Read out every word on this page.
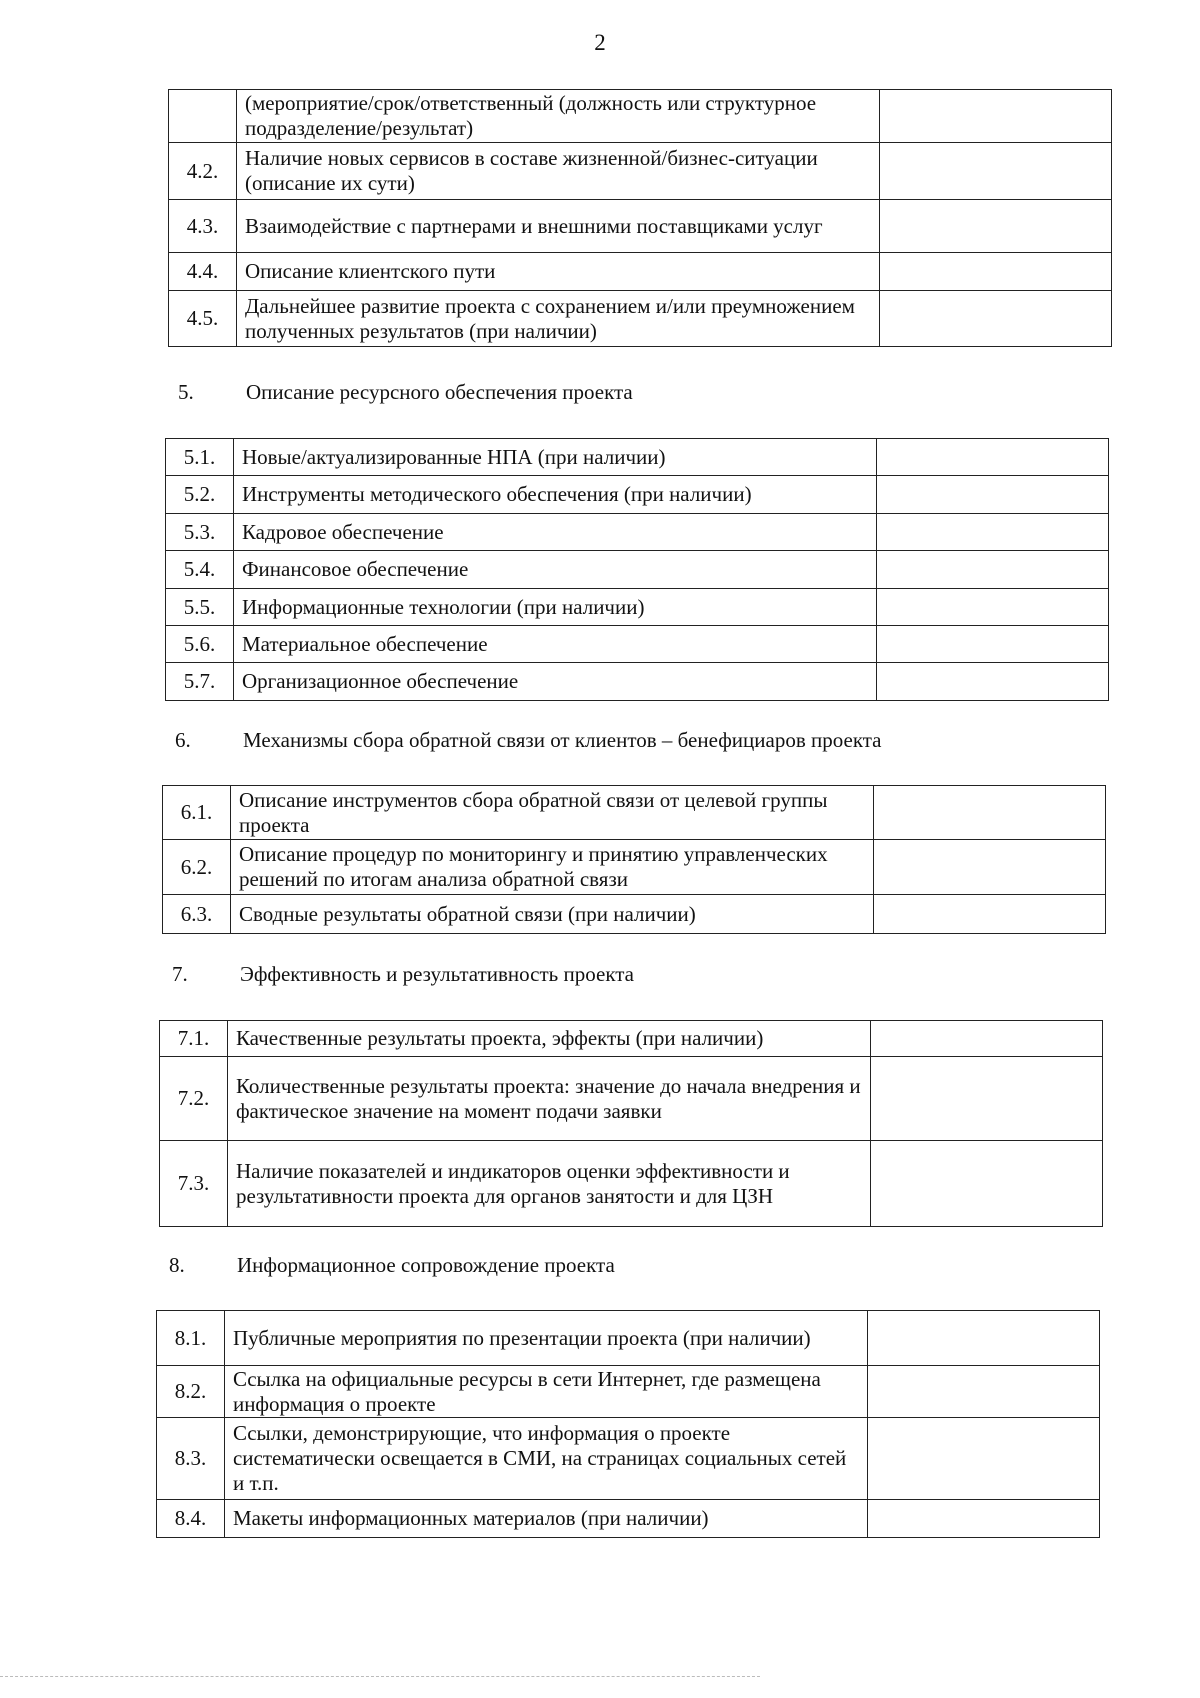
2
	(мероприятие/срок/ответственный (должность или структурное подразделение/результат)	
4.2.	Наличие новых сервисов в составе жизненной/бизнес-ситуации (описание их сути)	
4.3.	Взаимодействие с партнерами и внешними поставщиками услуг	
4.4.	Описание клиентского пути	
4.5.	Дальнейшее развитие проекта с сохранением и/или преумножением полученных результатов (при наличии)	
5. Описание ресурсного обеспечения проекта
5.1.	Новые/актуализированные НПА (при наличии)	
5.2.	Инструменты методического обеспечения (при наличии)	
5.3.	Кадровое обеспечение	
5.4.	Финансовое обеспечение	
5.5.	Информационные технологии (при наличии)	
5.6.	Материальное обеспечение	
5.7.	Организационное обеспечение	
6. Механизмы сбора обратной связи от клиентов – бенефициаров проекта
6.1.	Описание инструментов сбора обратной связи от целевой группы проекта	
6.2.	Описание процедур по мониторингу и принятию управленческих решений по итогам анализа обратной связи	
6.3.	Сводные результаты обратной связи (при наличии)	
7. Эффективность и результативность проекта
7.1.	Качественные результаты проекта, эффекты (при наличии)	
7.2.	Количественные результаты проекта: значение до начала внедрения и фактическое значение на момент подачи заявки	
7.3.	Наличие показателей и индикаторов оценки эффективности и результативности проекта для органов занятости и для ЦЗН	
8. Информационное сопровождение проекта
8.1.	Публичные мероприятия по презентации проекта (при наличии)	
8.2.	Ссылка на официальные ресурсы в сети Интернет, где размещена информация о проекте	
8.3.	Ссылки, демонстрирующие, что информация о проекте систематически освещается в СМИ, на страницах социальных сетей и т.п.	
8.4.	Макеты информационных материалов (при наличии)	
